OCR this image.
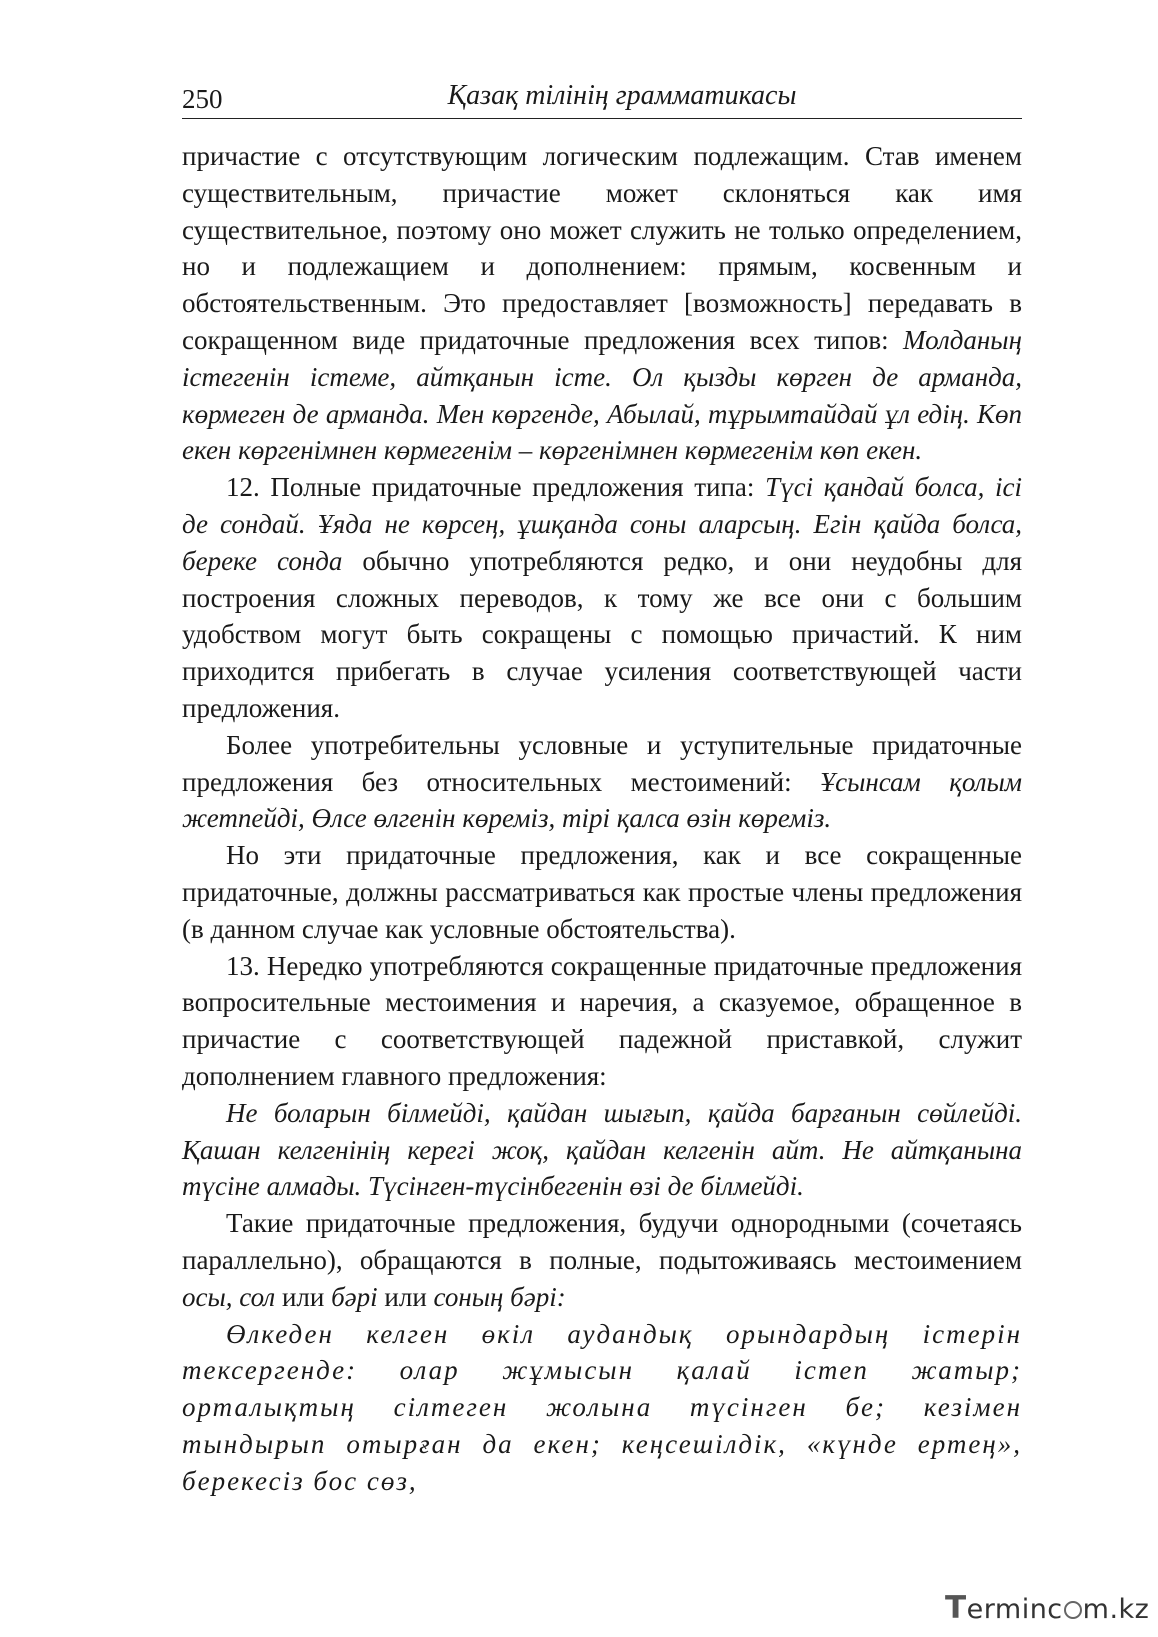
250	Қазақ тілінің грамматикасы

причастие с отсутствующим логическим подлежащим. Став именем существительным, причастие может склоняться как имя существительное, поэтому оно может служить не только определением, но и подлежащием и дополнением: прямым, косвенным и обстоятельственным. Это предоставляет [возможность] передавать в сокращенном виде придаточные предложения всех типов: Молданың істегенін істеме, айтқанын істе. Ол қызды көрген де арманда, көрмеген де арманда. Мен көргенде, Абылай, тұрымтайдай ұл едің. Көп екен көргенімнен көрмегенім – көргенімнен көрмегенім көп екен.

12. Полные придаточные предложения типа: Түсі қандай болса, ісі де сондай. Ұяда не көрсең, ұшқанда соны аларсың. Егін қайда болса, береке сонда обычно употребляются редко, и они неудобны для построения сложных переводов, к тому же все они с большим удобством могут быть сокращены с помощью причастий. К ним приходится прибегать в случае усиления соответствующей части предложения.

Более употребительны условные и уступительные придаточные предложения без относительных местоимений: Ұсынсам қолым жетпейді, Өлсе өлгенін көреміз, тірі қалса өзін көреміз.

Но эти придаточные предложения, как и все сокращенные придаточные, должны рассматриваться как простые члены предложения (в данном случае как условные обстоятельства).

13. Нередко употребляются сокращенные придаточные предложения вопросительные местоимения и наречия, а сказуемое, обращенное в причастие с соответствующей падежной приставкой, служит дополнением главного предложения:

Не боларын білмейді, қайдан шығып, қайда барғанын сөйлейді. Қашан келгенінің керегі жоқ, қайдан келгенін айт. Не айтқанына түсіне алмады. Түсінген-түсінбегенін өзі де білмейді.

Такие придаточные предложения, будучи однородными (сочетаясь параллельно), обращаются в полные, подытоживаясь местоимением осы, сол или бәрі или соның бәрі:

Өлкеден келген өкіл аудандық орындардың істерін тексергенде: олар жұмысын қалай істеп жатыр; орталықтың сілтеген жолына түсінген бе; кезімен тындырып отырған да екен; кеңсешілдік, «күнде ертең», берекесіз бос сөз,

Terminc m.kz
